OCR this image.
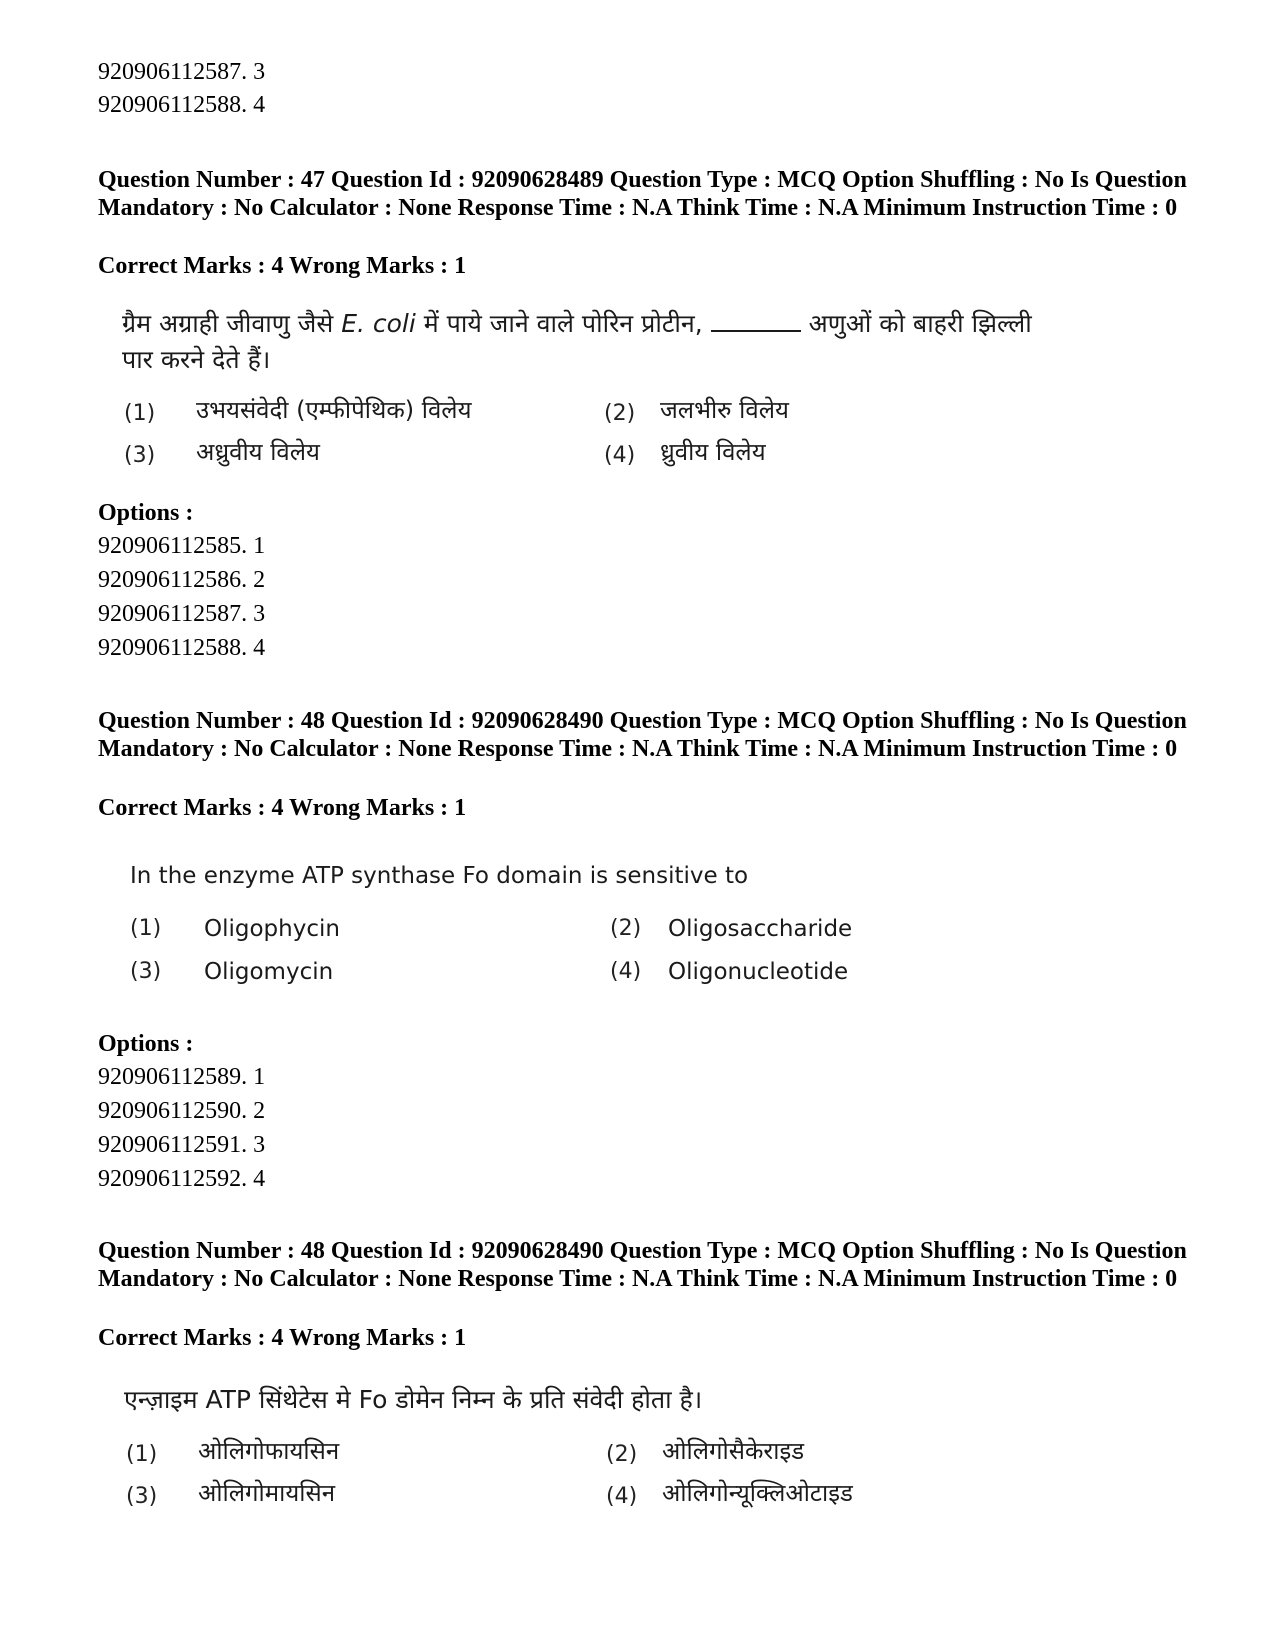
920906112587. 3
920906112588. 4
Question Number : 47 Question Id : 92090628489 Question Type : MCQ Option Shuffling : No Is Question Mandatory : No Calculator : None Response Time : N.A Think Time : N.A Minimum Instruction Time : 0
Correct Marks : 4 Wrong Marks : 1
ग्रैम अग्राही जीवाणु जैसे E. coli में पाये जाने वाले पोरिन प्रोटीन,	अणुओं को बाहरी झिल्ली
पार करने देते हैं।
(1) उभयसंवेदी (एम्फीपेथिक) विलेय	(2) जलभीरु विलेय
(3) अध्रुवीय विलेय	(4) ध्रुवीय विलेय
Options :
920906112585. 1
920906112586. 2
920906112587. 3
920906112588. 4
Question Number : 48 Question Id : 92090628490 Question Type : MCQ Option Shuffling : No Is Question Mandatory : No Calculator : None Response Time : N.A Think Time : N.A Minimum Instruction Time : 0
Correct Marks : 4 Wrong Marks : 1
In the enzyme ATP synthase Fo domain is sensitive to
(1) Oligophycin	(2) Oligosaccharide
(3) Oligomycin	(4) Oligonucleotide
Options :
920906112589. 1
920906112590. 2
920906112591. 3
920906112592. 4
Question Number : 48 Question Id : 92090628490 Question Type : MCQ Option Shuffling : No Is Question Mandatory : No Calculator : None Response Time : N.A Think Time : N.A Minimum Instruction Time : 0
Correct Marks : 4 Wrong Marks : 1
एन्ज़ाइम ATP सिंथेटेस मे Fo डोमेन निम्न के प्रति संवेदी होता है।
(1) ओलिगोफायसिन	(2) ओलिगोसैकेराइड
(3) ओलिगोमायसिन	(4) ओलिगोन्यूक्लिओटाइड
